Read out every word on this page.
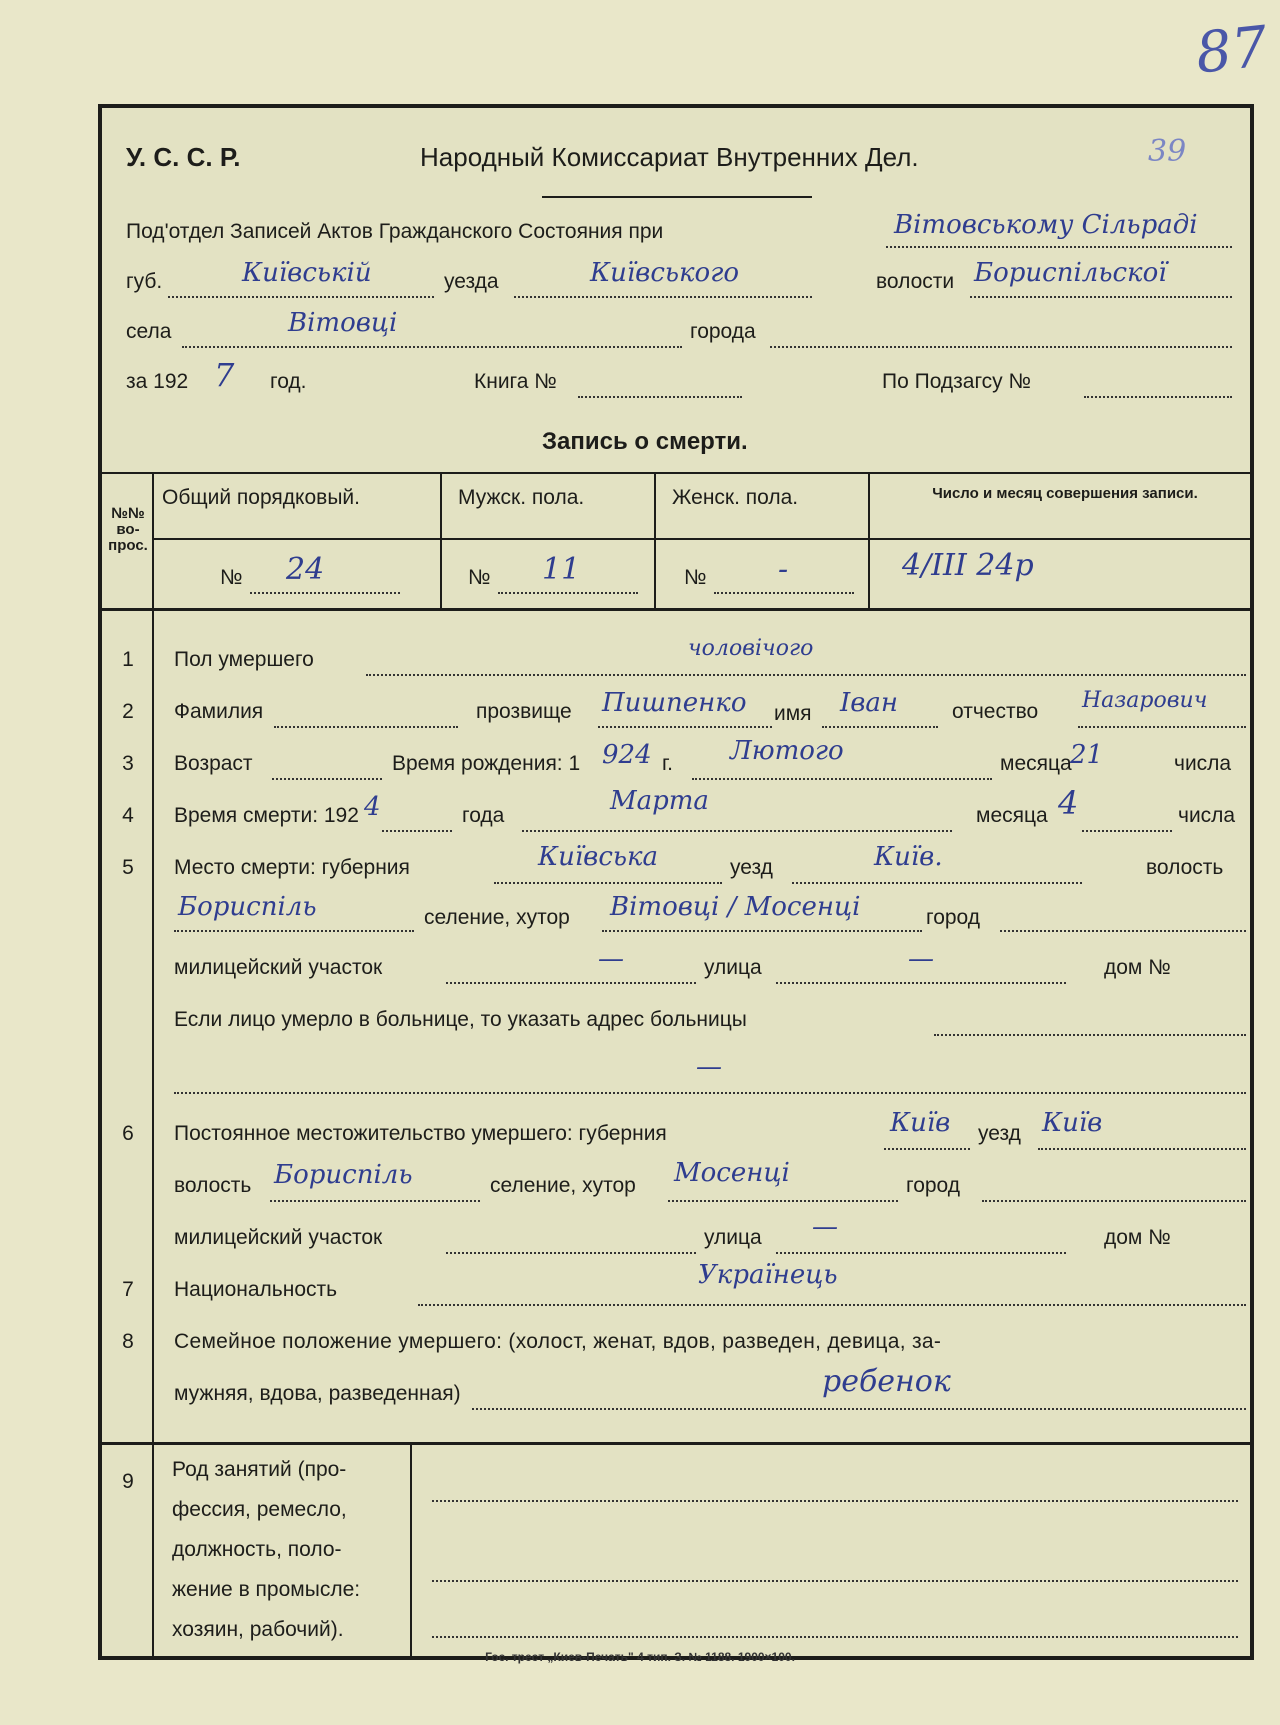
87
У. С. С. Р.	Народный Комиссариат Внутренних Дел.	39
Под'отдел Записей Актов Гражданского Состояния при	Вітовському Сільраді
губ.	Київській	уезда	Київського	волости Бориспільскої
села	Вітовці	города
за 192 7 год.	Книга №	По Подзагсу №
Запись о смерти.
№№ во- прос.
Общий порядковый.	Мужск. пола.	Женск. пола.	Число и месяц совершения записи.
№ 24	№ 11	№ -	4/III 24р
1 Пол умершего	чоловічого
2 Фамилия	прозвище Пишпенко имя Іван	отчество Назарович
3 Возраст	Время рождения: 1 924 г. Лютого	месяца
21	числа
4 Время смерти: 192 4	года	Марта	месяца 4	числа
5 Место смерти: губерния	Київська	уезд	Київ.	волость
Бориспіль	селение, хутор Вітовці / Мосенці	город
милицейский участок	—	улица	—	дом №
Если лицо умерло в больнице, то указать адрес больницы
—
6 Постоянное местожительство умершего: губерния	Київ уезд Київ
волость Бориспіль	селение, хутор Мосенці	город
милицейский участок	улица —	дом №
7 Национальность	Українець
8 Семейное положение умершего: (холост, женат, вдов, разведен, девица, за-
мужняя, вдова, разведенная)	ребенок
9
Род занятий (про-
фессия, ремесло,
должность, поло-
жение в промысле:
хозяин, рабочий).
Гос. трест „Киев-Печать" 4 тип. З. № 1188. 1900×100.
